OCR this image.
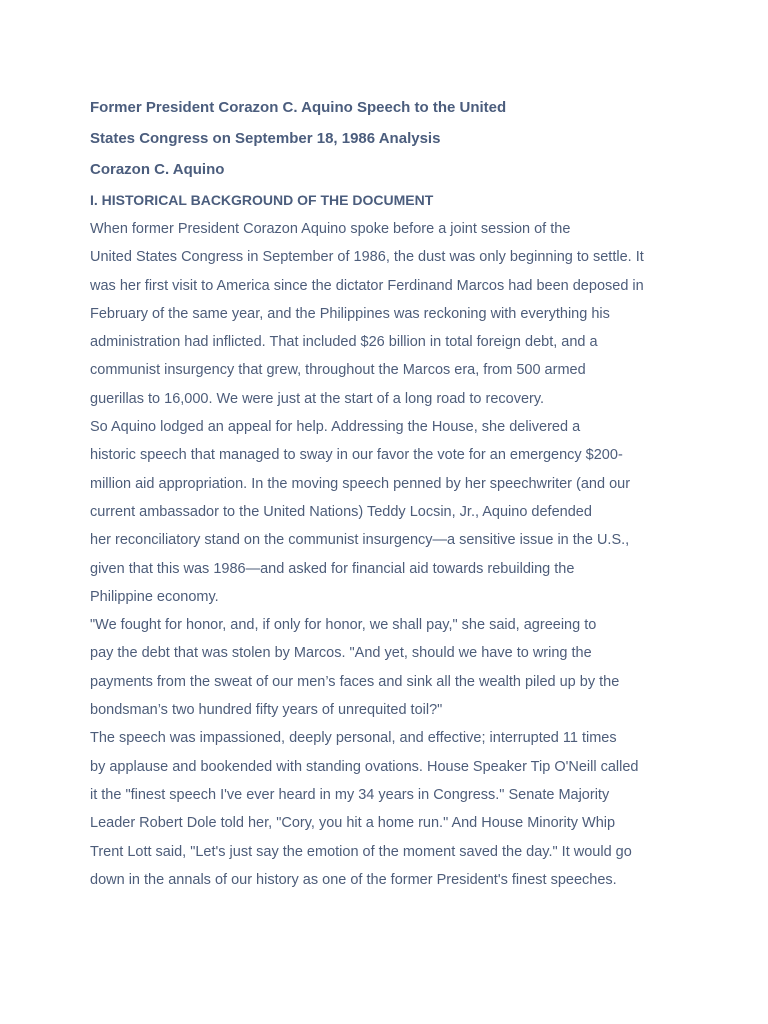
Former President Corazon C. Aquino Speech to the United

States Congress on September 18, 1986 Analysis

Corazon C. Aquino

I. HISTORICAL BACKGROUND OF THE DOCUMENT

When former President Corazon Aquino spoke before a joint session of the

United States Congress in September of 1986, the dust was only beginning to settle. It

was her first visit to America since the dictator Ferdinand Marcos had been deposed in

February of the same year, and the Philippines was reckoning with everything his

administration had inflicted. That included $26 billion in total foreign debt, and a

communist insurgency that grew, throughout the Marcos era, from 500 armed

guerillas to 16,000. We were just at the start of a long road to recovery.

So Aquino lodged an appeal for help. Addressing the House, she delivered a

historic speech that managed to sway in our favor the vote for an emergency $200-

million aid appropriation. In the moving speech penned by her speechwriter (and our

current ambassador to the United Nations) Teddy Locsin, Jr., Aquino defended

her reconciliatory stand on the communist insurgency—a sensitive issue in the U.S.,

given that this was 1986—and asked for financial aid towards rebuilding the

Philippine economy.

"We fought for honor, and, if only for honor, we shall pay," she said, agreeing to

pay the debt that was stolen by Marcos. "And yet, should we have to wring the

payments from the sweat of our men’s faces and sink all the wealth piled up by the

bondsman’s two hundred fifty years of unrequited toil?"

The speech was impassioned, deeply personal, and effective; interrupted 11 times

by applause and bookended with standing ovations. House Speaker Tip O'Neill called

it the "finest speech I've ever heard in my 34 years in Congress." Senate Majority

Leader Robert Dole told her, "Cory, you hit a home run." And House Minority Whip

Trent Lott said, "Let's just say the emotion of the moment saved the day." It would go

down in the annals of our history as one of the former President's finest speeches.
